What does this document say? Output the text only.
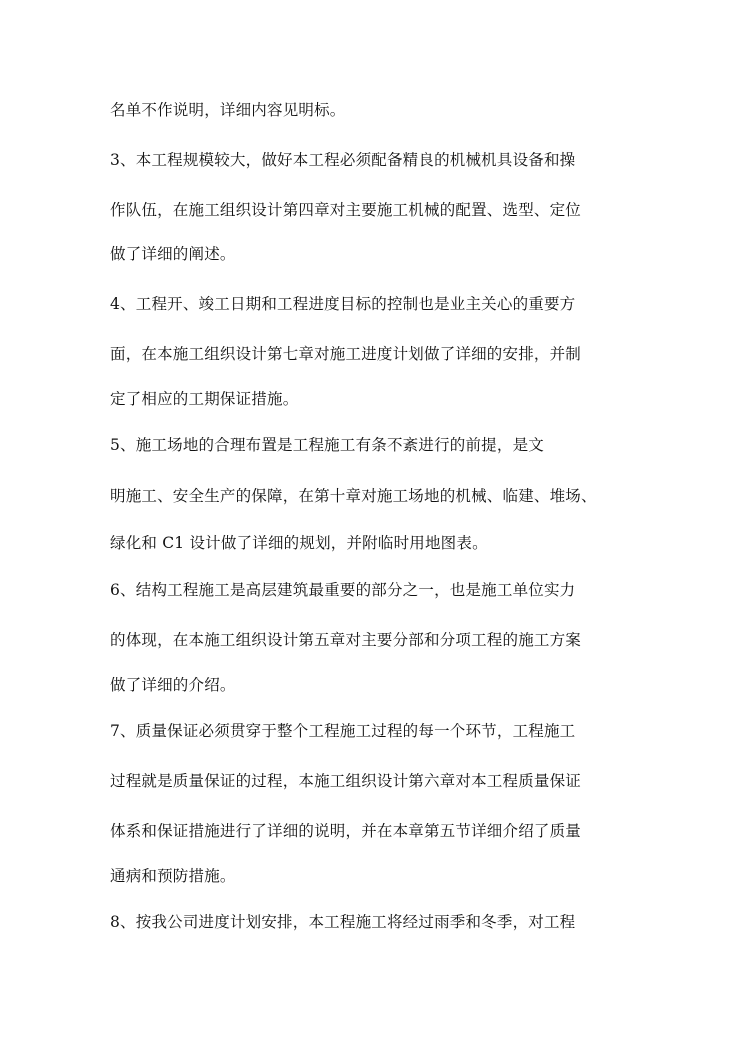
名单不作说明，详细内容见明标。
3、本工程规模较大，做好本工程必须配备精良的机械机具设备和操
作队伍，在施工组织设计第四章对主要施工机械的配置、选型、定位
做了详细的阐述。
4、工程开、竣工日期和工程进度目标的控制也是业主关心的重要方
面，在本施工组织设计第七章对施工进度计划做了详细的安排，并制
定了相应的工期保证措施。
5、施工场地的合理布置是工程施工有条不紊进行的前提，是文
明施工、安全生产的保障，在第十章对施工场地的机械、临建、堆场、
绿化和 C1 设计做了详细的规划，并附临时用地图表。
6、结构工程施工是高层建筑最重要的部分之一，也是施工单位实力
的体现，在本施工组织设计第五章对主要分部和分项工程的施工方案
做了详细的介绍。
7、质量保证必须贯穿于整个工程施工过程的每一个环节，工程施工
过程就是质量保证的过程，本施工组织设计第六章对本工程质量保证
体系和保证措施进行了详细的说明，并在本章第五节详细介绍了质量
通病和预防措施。
8、按我公司进度计划安排，本工程施工将经过雨季和冬季，对工程
